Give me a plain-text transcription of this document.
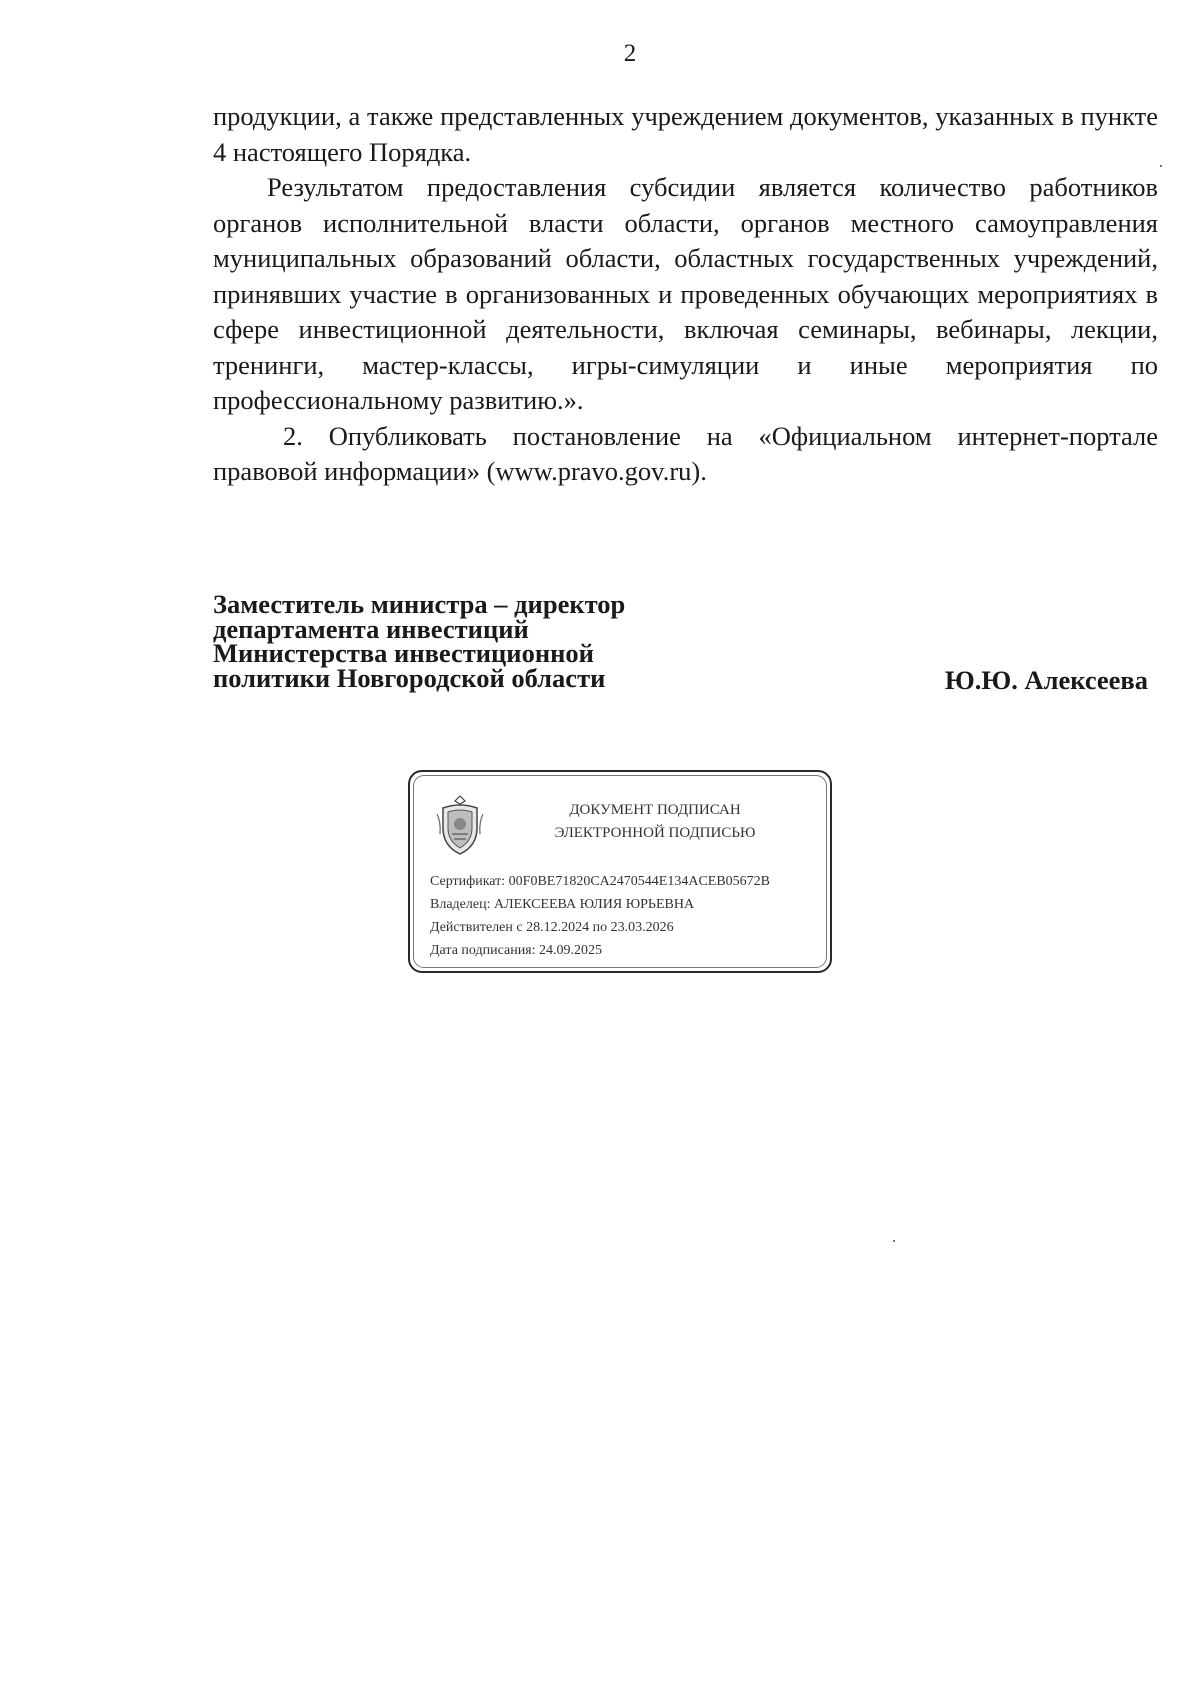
2

продукции, а также представленных учреждением документов, указанных в пункте 4 настоящего Порядка.

Результатом предоставления субсидии является количество работников органов исполнительной власти области, органов местного самоуправления муниципальных образований области, областных государственных учреждений, принявших участие в организованных и проведенных обучающих мероприятиях в сфере инвестиционной деятельности, включая семинары, вебинары, лекции, тренинги, мастер-классы, игры-симуляции и иные мероприятия по профессиональному развитию.».

2. Опубликовать постановление на «Официальном интернет-портале правовой информации» (www.pravo.gov.ru).

Заместитель министра – директор
департамента инвестиций
Министерства инвестиционной
политики Новгородской области	Ю.Ю. Алексеева
ДОКУМЕНТ ПОДПИСАН
ЭЛЕКТРОННОЙ ПОДПИСЬЮ
Сертификат: 00F0BE71820CA2470544E134ACEB05672B
Владелец: АЛЕКСЕЕВА ЮЛИЯ ЮРЬЕВНА
Действителен с 28.12.2024 по 23.03.2026
Дата подписания: 24.09.2025
